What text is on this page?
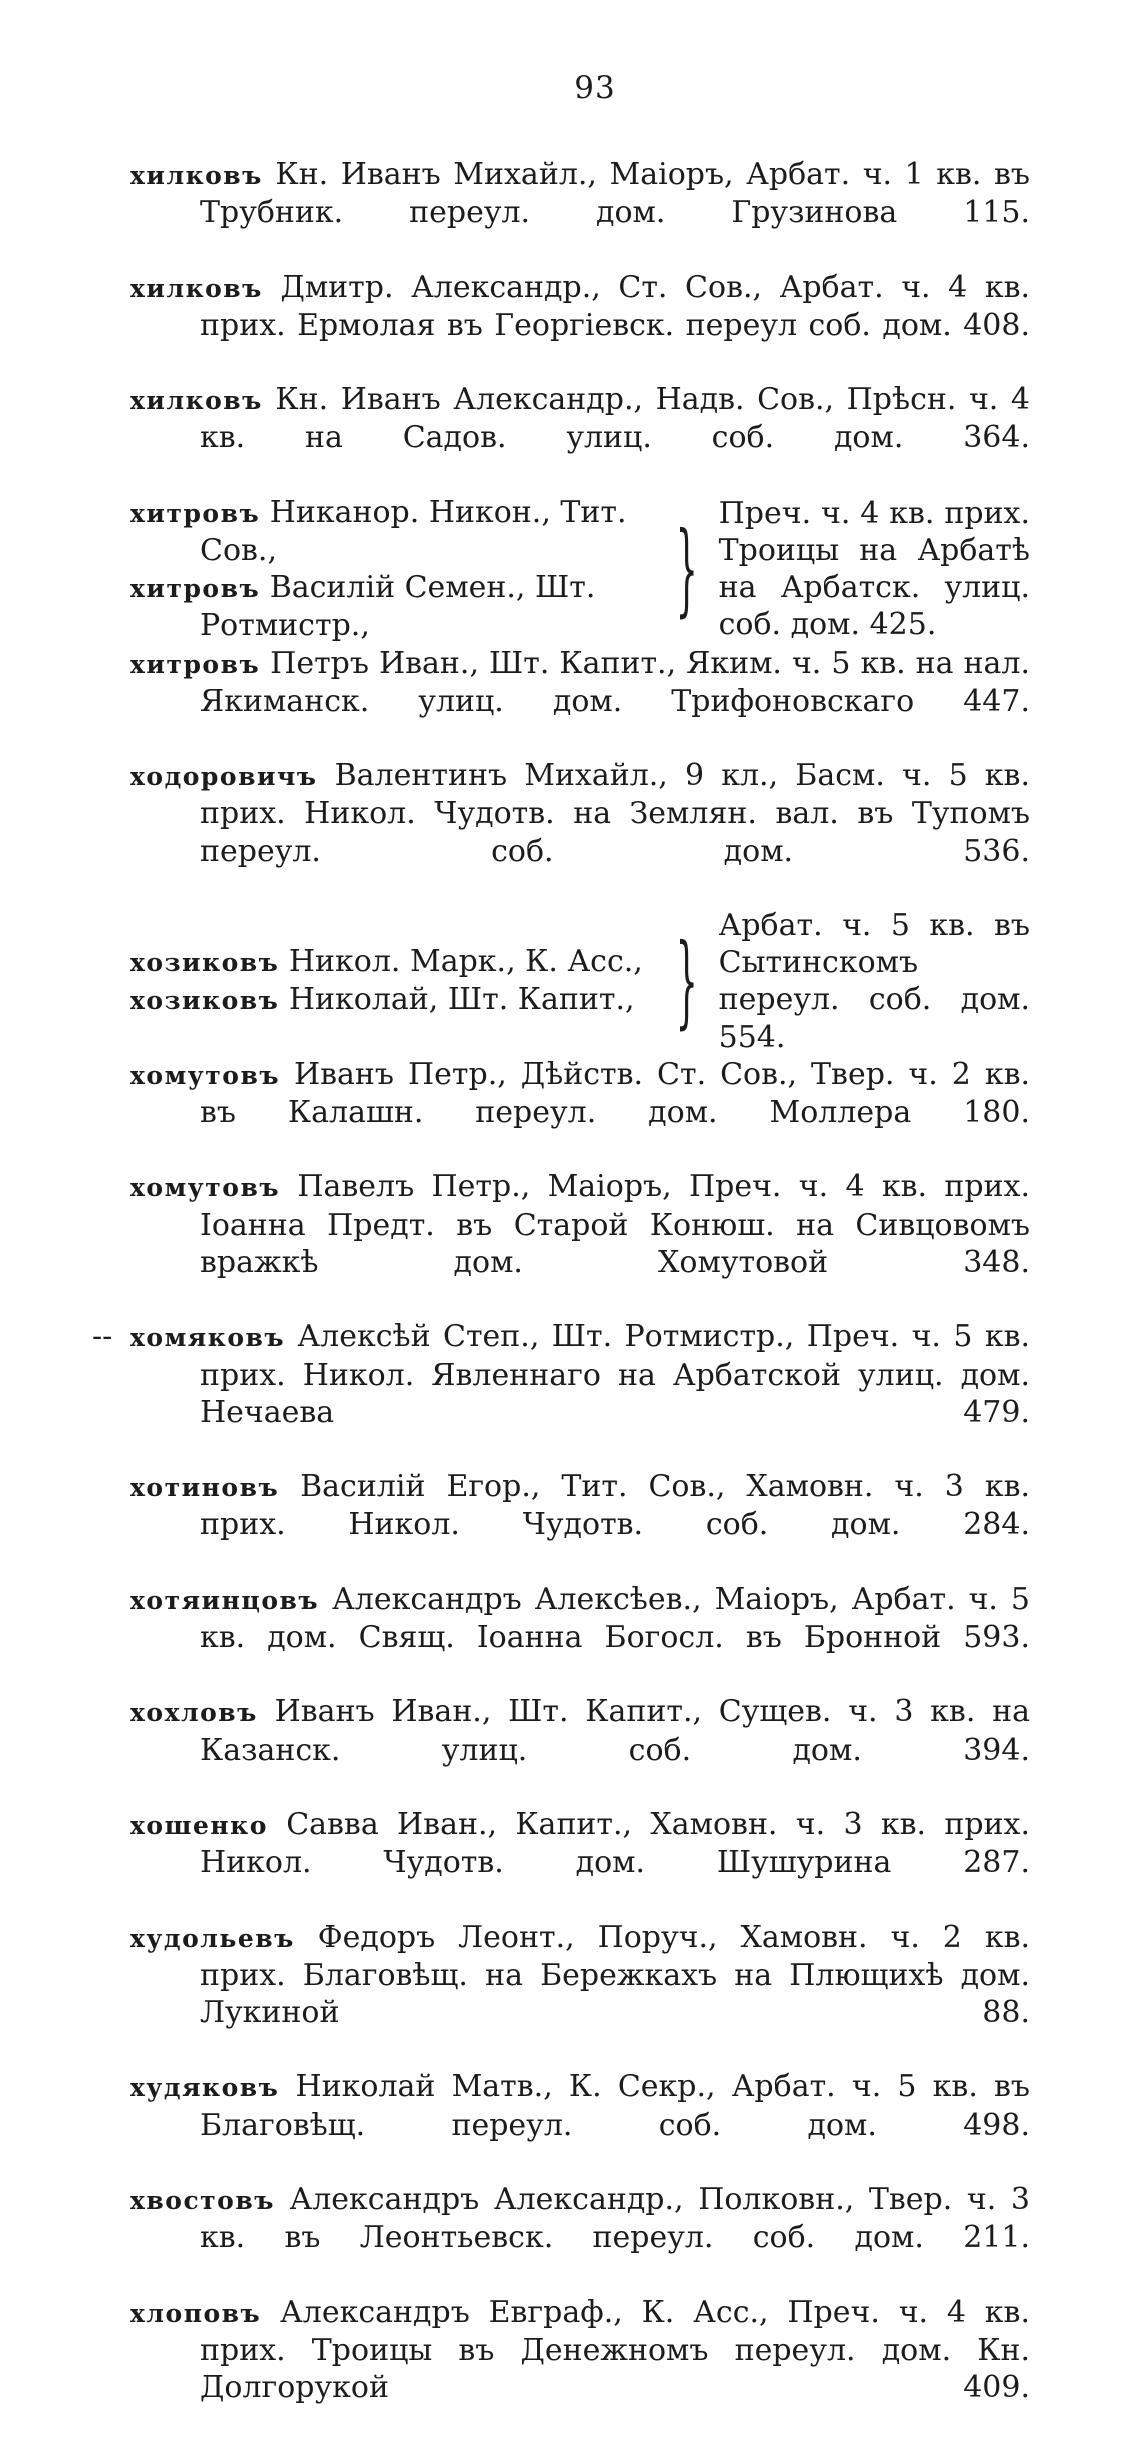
93
хилковъ Кн. Иванъ Михайл., Маіоръ, Арбат. ч. 1 кв. въ Трубник. переул. дом. Грузинова 115.
хилковъ Дмитр. Александр., Ст. Сов., Арбат. ч. 4 кв. прих. Ермолая въ Георгіевск. переул соб. дом. 408.
хилковъ Кн. Иванъ Александр., Надв. Сов., Прѣсн. ч. 4 кв. на Садов. улиц. соб. дом. 364.
хитровъ Никанор. Никон., Тит. Сов.,
хитровъ Василій Семен., Шт. Ротмистр.,	} Преч. ч. 4 кв. прих. Троицы на Арбатѣ на Арбатск. улиц. соб. дом. 425.
хитровъ Петръ Иван., Шт. Капит., Яким. ч. 5 кв. на нал. Якиманск. улиц. дом. Трифоновскаго 447.
ходоровичъ Валентинъ Михайл., 9 кл., Басм. ч. 5 кв. прих. Никол. Чудотв. на Землян. вал. въ Тупомъ переул. соб. дом. 536.
хозиковъ Никол. Марк., К. Асс.,
хозиковъ Николай, Шт. Капит., } Арбат. ч. 5 кв. въ Сытинскомъ переул. соб. дом. 554.
хомутовъ Иванъ Петр., Дѣйств. Ст. Сов., Твер. ч. 2 кв. въ Калашн. переул. дом. Моллера 180.
хомутовъ Павелъ Петр., Маіоръ, Преч. ч. 4 кв. прих. Іоанна Предт. въ Старой Конюш. на Сивцовомъ вражкѣ дом. Хомутовой 348.
-- хомяковъ Алексѣй Степ., Шт. Ротмистр., Преч. ч. 5 кв. прих. Никол. Явленнаго на Арбатской улиц. дом. Нечаева 479.
хотиновъ Василій Егор., Тит. Сов., Хамовн. ч. 3 кв. прих. Никол. Чудотв. соб. дом. 284.
хотяинцовъ Александръ Алексѣев., Маіоръ, Арбат. ч. 5 кв. дом. Свящ. Іоанна Богосл. въ Бронной 593.
хохловъ Иванъ Иван., Шт. Капит., Сущев. ч. 3 кв. на Казанск. улиц. соб. дом. 394.
хошенко Савва Иван., Капит., Хамовн. ч. 3 кв. прих. Никол. Чудотв. дом. Шушурина 287.
худольевъ Федоръ Леонт., Поруч., Хамовн. ч. 2 кв. прих. Благовѣщ. на Бережкахъ на Плющихѣ дом. Лукиной 88.
худяковъ Николай Матв., К. Секр., Арбат. ч. 5 кв. въ Благовѣщ. переул. соб. дом. 498.
хвостовъ Александръ Александр., Полковн., Твер. ч. 3 кв. въ Леонтьевск. переул. соб. дом. 211.
хлоповъ Александръ Евграф., К. Асс., Преч. ч. 4 кв. прих. Троицы въ Денежномъ переул. дом. Кн. Долгорукой 409.
